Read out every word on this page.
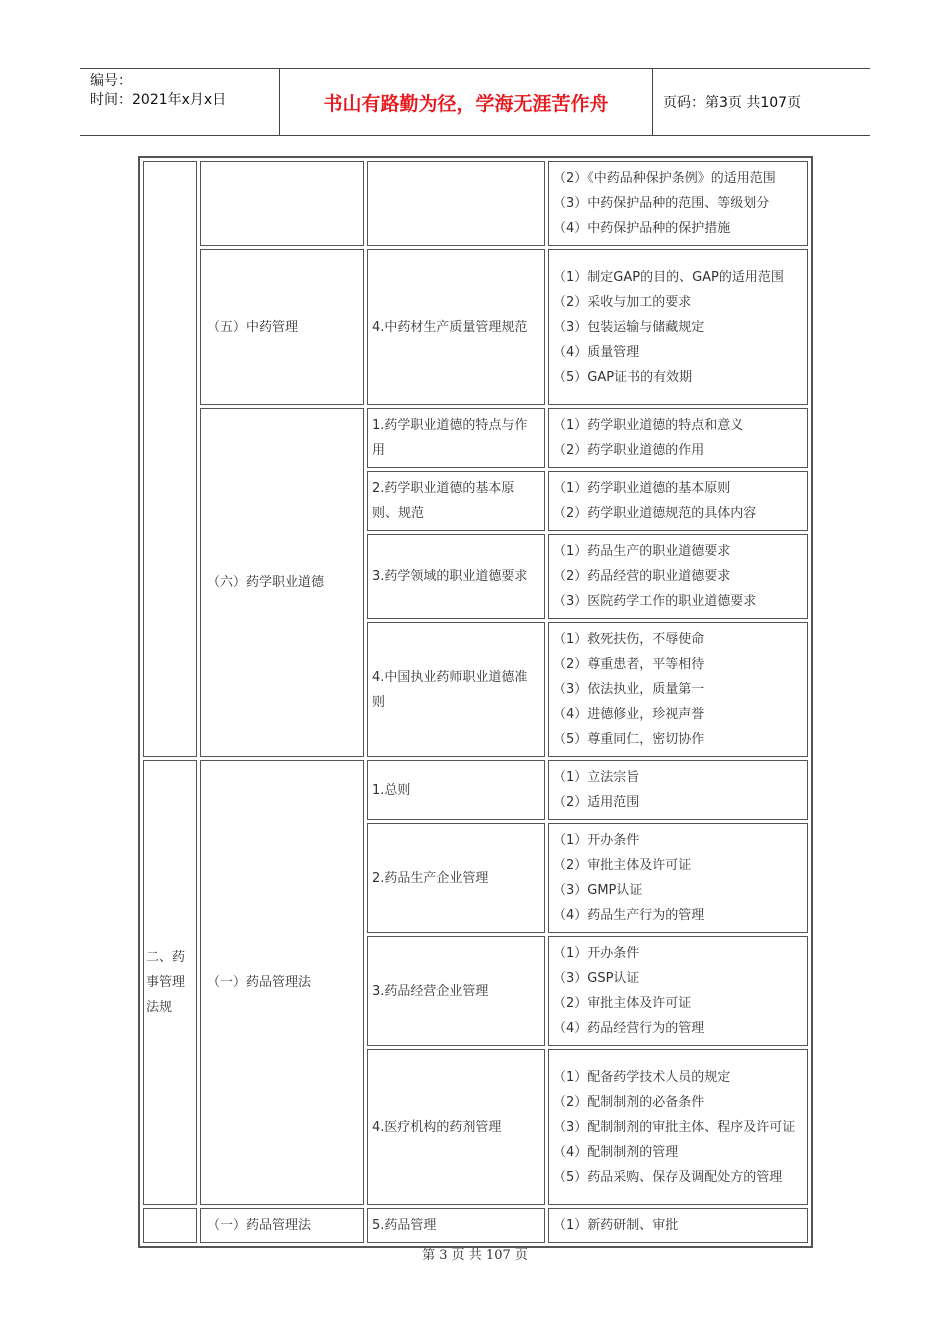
编号：
时间：2021年x月x日	书山有路勤为径，学海无涯苦作舟	页码：第3页 共107页

			（2）《中药品种保护条例》的适用范围
（3）中药保护品种的范围、等级划分
（4）中药保护品种的保护措施

	（五）中药管理	4.中药材生产质量管理规范	（1）制定GAP的目的、GAP的适用范围
（2）采收与加工的要求
（3）包装运输与储藏规定
（4）质量管理
（5）GAP证书的有效期

	（六）药学职业道德	1.药学职业道德的特点与作用	（1）药学职业道德的特点和意义
（2）药学职业道德的作用

		2.药学职业道德的基本原则、规范	（1）药学职业道德的基本原则
（2）药学职业道德规范的具体内容

		3.药学领域的职业道德要求	（1）药品生产的职业道德要求
（2）药品经营的职业道德要求
（3）医院药学工作的职业道德要求

		4.中国执业药师职业道德准则	（1）救死扶伤，不辱使命
（2）尊重患者，平等相待
（3）依法执业，质量第一
（4）进德修业，珍视声誉
（5）尊重同仁，密切协作

二、药事管理法规	（一）药品管理法	1.总则	（1）立法宗旨
（2）适用范围

		2.药品生产企业管理	（1）开办条件
（2）审批主体及许可证
（3）GMP认证
（4）药品生产行为的管理

		3.药品经营企业管理	（1）开办条件
（3）GSP认证
（2）审批主体及许可证
（4）药品经营行为的管理

		4.医疗机构的药剂管理	（1）配备药学技术人员的规定
（2）配制制剂的必备条件
（3）配制制剂的审批主体、程序及许可证
（4）配制制剂的管理
（5）药品采购、保存及调配处方的管理

	（一）药品管理法	5.药品管理	（1）新药研制、审批
第 3 页 共 107 页
